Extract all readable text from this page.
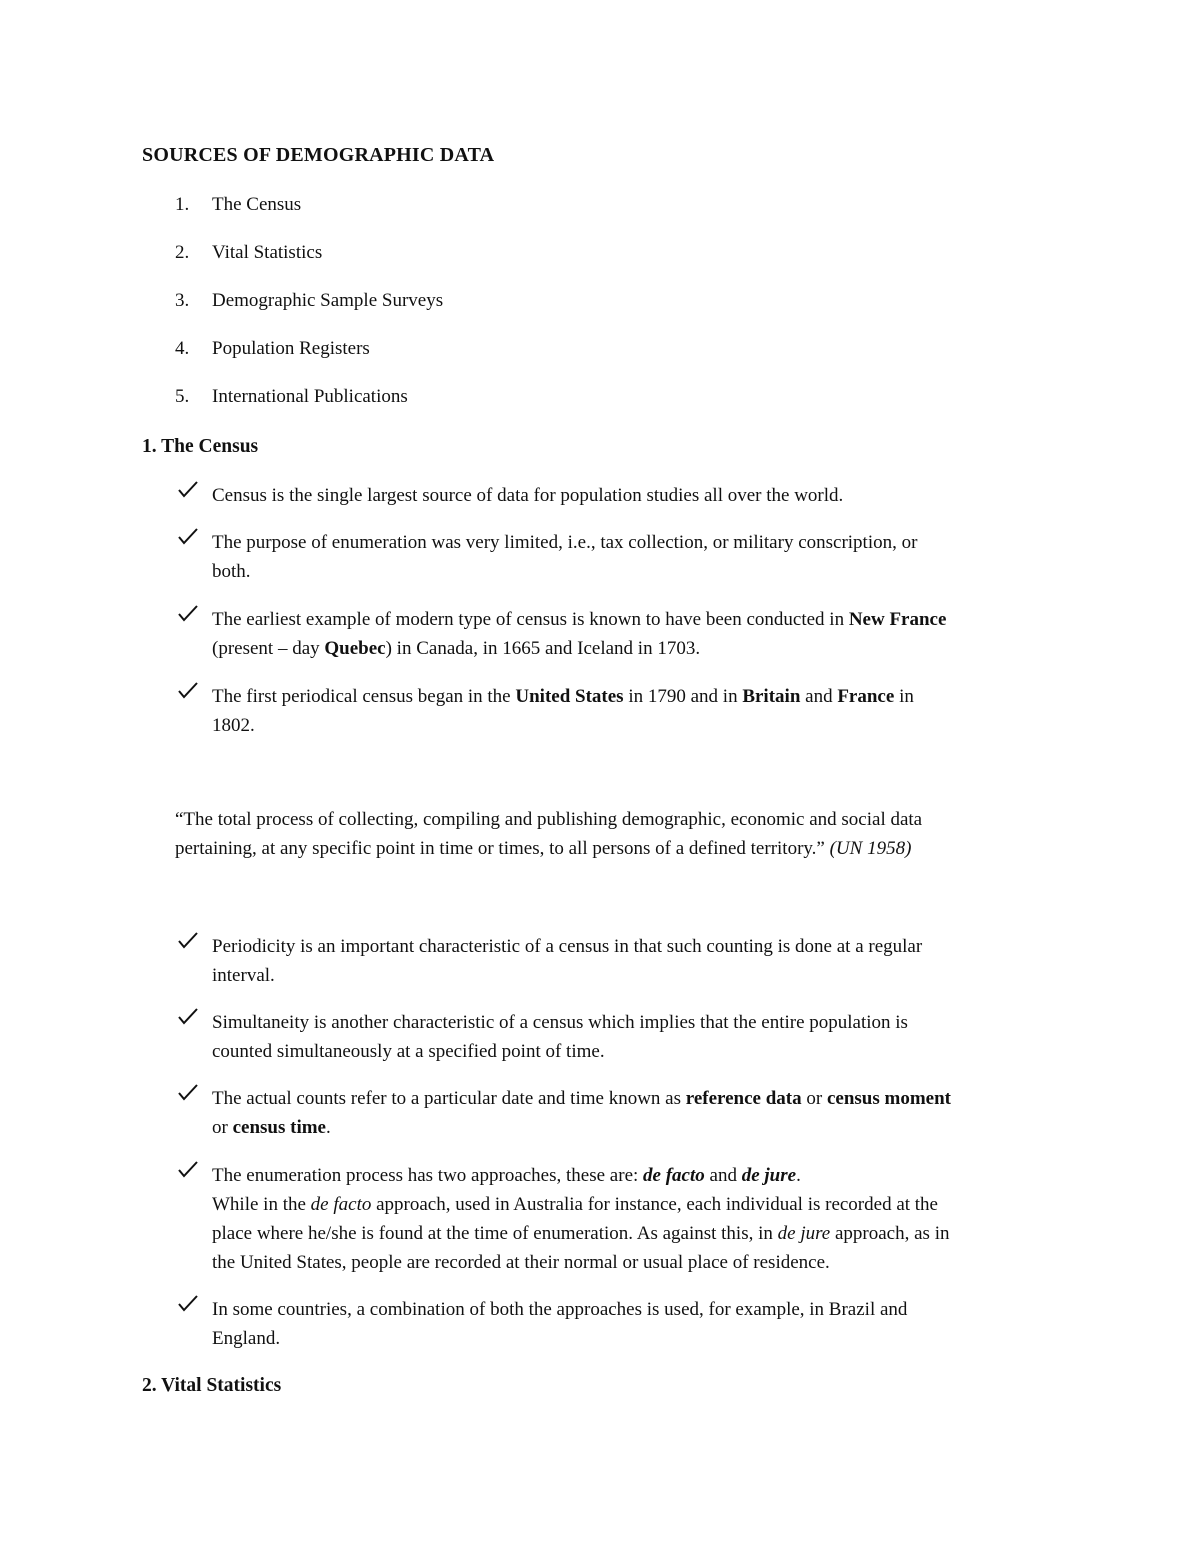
SOURCES OF DEMOGRAPHIC DATA
1.	The Census
2.	Vital Statistics
3.	Demographic Sample Surveys
4.	Population Registers
5.	International Publications
1. The Census

Census is the single largest source of data for population studies all over the world.

The purpose of enumeration was very limited, i.e., tax collection, or military conscription, or

both.

The earliest example of modern type of census is known to have been conducted in New France

(present – day Quebec) in Canada, in 1665 and Iceland in 1703.

The first periodical census began in the United States in 1790 and in Britain and France in

1802.

“The total process of collecting, compiling and publishing demographic, economic and social data
pertaining, at any specific point in time or times, to all persons of a defined territory.” (UN 1958)

Periodicity is an important characteristic of a census in that such counting is done at a regular

interval.

Simultaneity is another characteristic of a census which implies that the entire population is

counted simultaneously at a specified point of time.

The actual counts refer to a particular date and time known as reference data or census moment

or census time.

The enumeration process has two approaches, these are: de facto and de jure.

While in the de facto approach, used in Australia for instance, each individual is recorded at the

place where he/she is found at the time of enumeration. As against this, in de jure approach, as in

the United States, people are recorded at their normal or usual place of residence.

In some countries, a combination of both the approaches is used, for example, in Brazil and

England.

2. Vital Statistics
